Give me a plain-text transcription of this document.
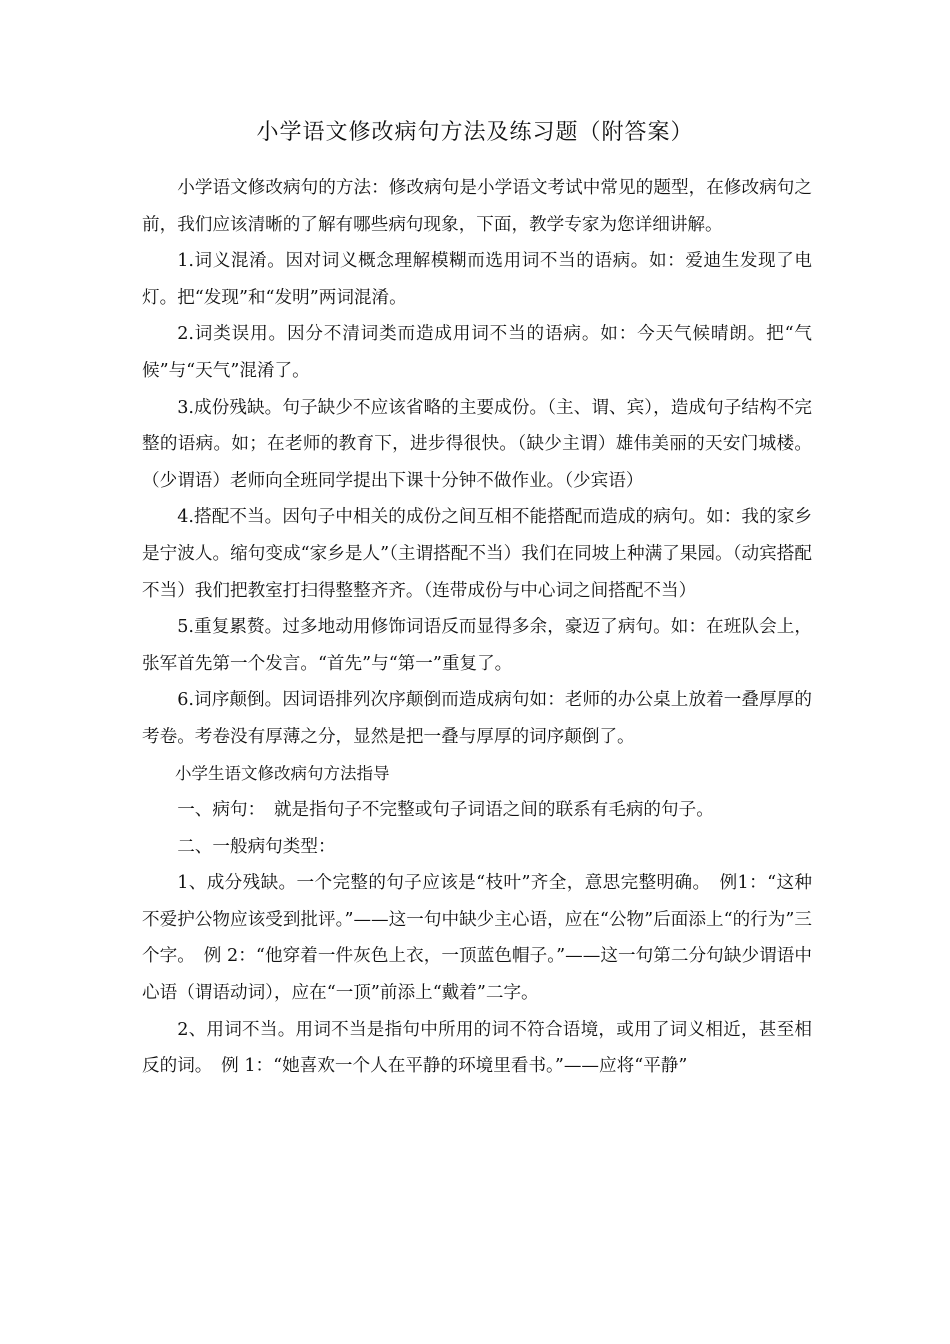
小学语文修改病句方法及练习题（附答案）

小学语文修改病句的方法：修改病句是小学语文考试中常见的题型，在修改病句之前，我们应该清晰的了解有哪些病句现象，下面，教学专家为您详细讲解。

1.词义混淆。因对词义概念理解模糊而选用词不当的语病。如：爱迪生发现了电灯。把“发现”和“发明”两词混淆。

2.词类误用。因分不清词类而造成用词不当的语病。如：今天气候晴朗。把“气候”与“天气”混淆了。

3.成份残缺。句子缺少不应该省略的主要成份。（主、谓、宾），造成句子结构不完整的语病。如；在老师的教育下，进步得很快。（缺少主谓）雄伟美丽的天安门城楼。（少谓语）老师向全班同学提出下课十分钟不做作业。（少宾语）

4.搭配不当。因句子中相关的成份之间互相不能搭配而造成的病句。如：我的家乡是宁波人。缩句变成“家乡是人”（主谓搭配不当）我们在同坡上种满了果园。（动宾搭配不当）我们把教室打扫得整整齐齐。（连带成份与中心词之间搭配不当）

5.重复累赘。过多地动用修饰词语反而显得多余，豪迈了病句。如：在班队会上，张军首先第一个发言。“首先”与“第一”重复了。

6.词序颠倒。因词语排列次序颠倒而造成病句如：老师的办公桌上放着一叠厚厚的考卷。考卷没有厚薄之分，显然是把一叠与厚厚的词序颠倒了。

小学生语文修改病句方法指导

一、病句：　就是指句子不完整或句子词语之间的联系有毛病的句子。

二、一般病句类型：

1、成分残缺。一个完整的句子应该是“枝叶”齐全，意思完整明确。　例1：“这种不爱护公物应该受到批评。”——这一句中缺少主心语，应在“公物”后面添上“的行为”三个字。　例 2：“他穿着一件灰色上衣，一顶蓝色帽子。”——这一句第二分句缺少谓语中心语（谓语动词），应在“一顶”前添上“戴着”二字。

2、用词不当。用词不当是指句中所用的词不符合语境，或用了词义相近，甚至相反的词。　例 1：“她喜欢一个人在平静的环境里看书。”——应将“平静”
